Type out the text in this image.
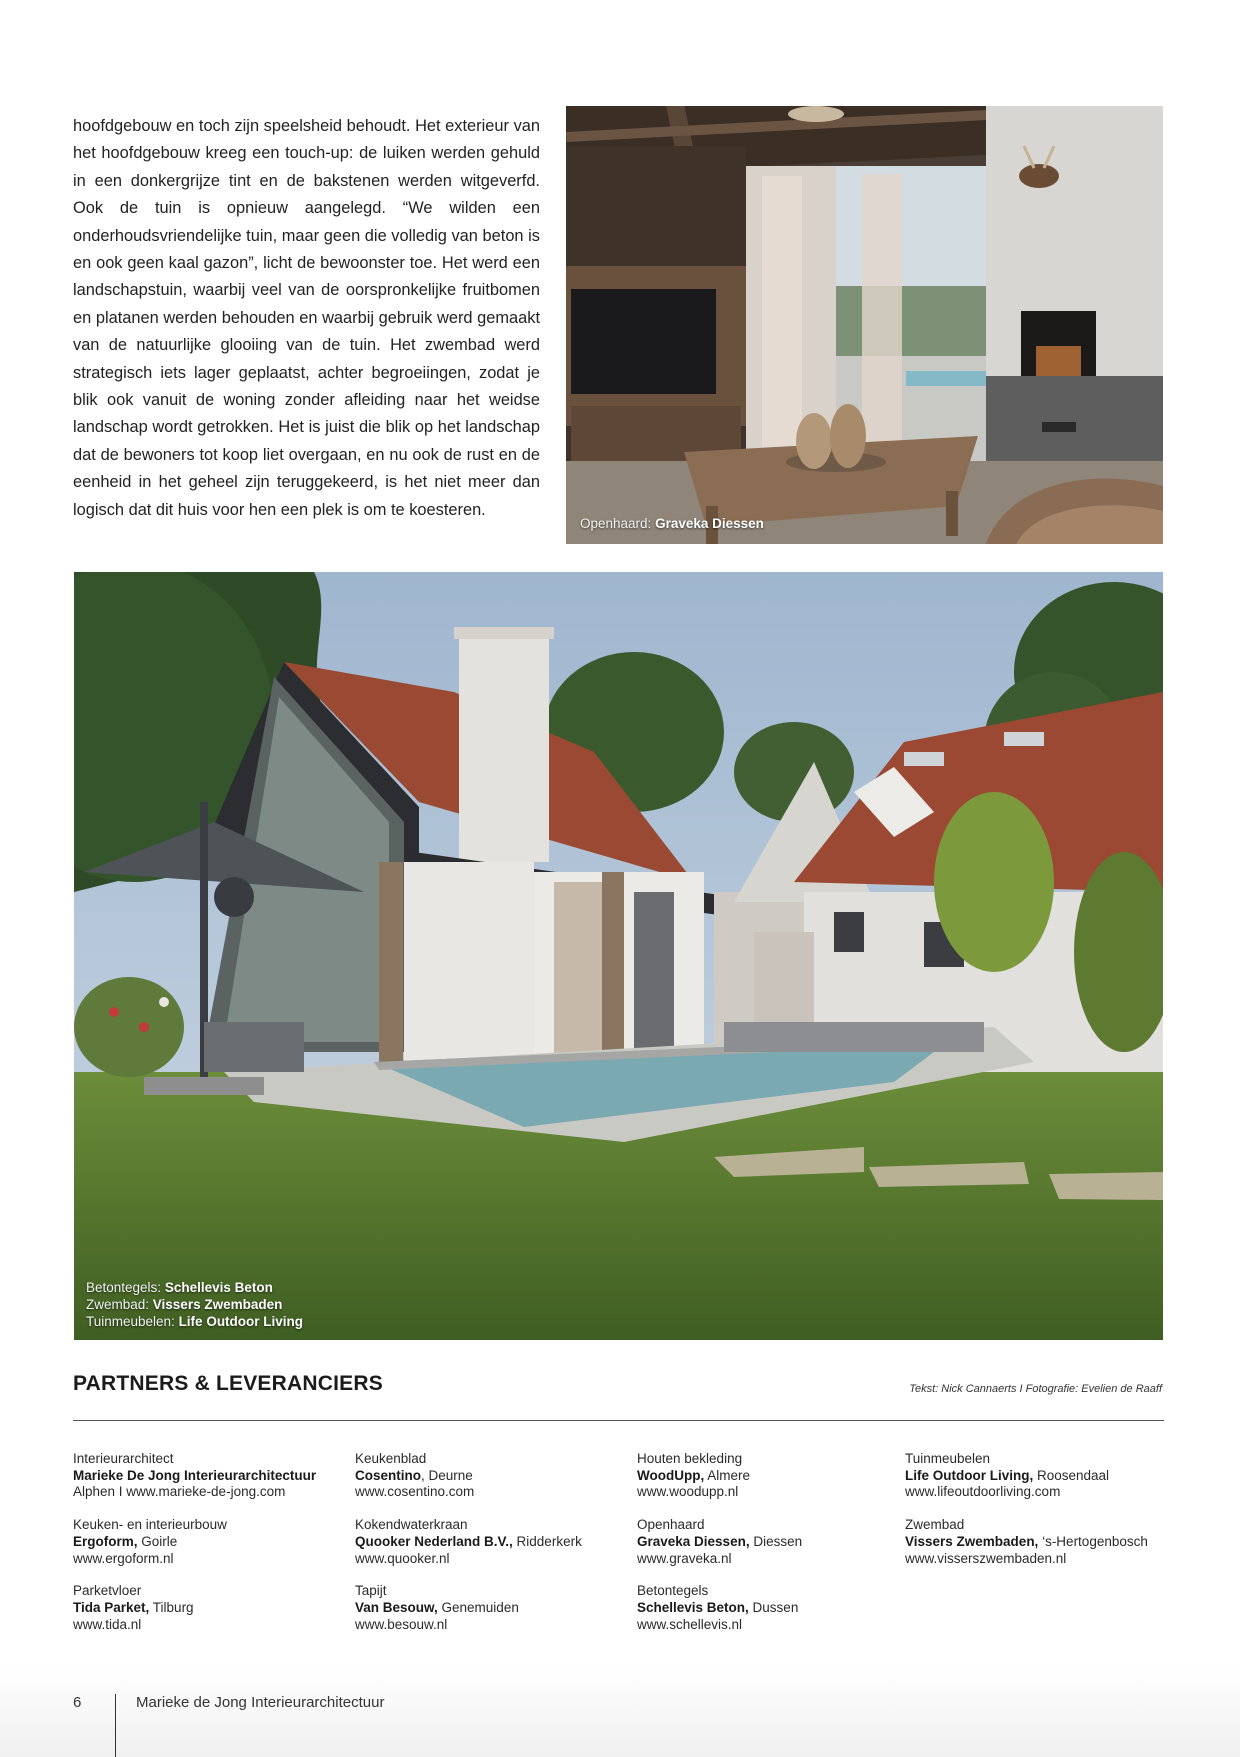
hoofdgebouw en toch zijn speelsheid behoudt. Het exterieur van het hoofdgebouw kreeg een touch-up: de luiken werden gehuld in een donkergrijze tint en de bakstenen werden witgeverfd. Ook de tuin is opnieuw aangelegd. “We wilden een onderhoudsvriendelijke tuin, maar geen die volledig van beton is en ook geen kaal gazon”, licht de bewoonster toe. Het werd een landschapstuin, waarbij veel van de oorspronkelijke fruitbomen en platanen werden behouden en waarbij gebruik werd gemaakt van de natuurlijke glooiing van de tuin. Het zwembad werd strategisch iets lager geplaatst, achter begroeiingen, zodat je blik ook vanuit de woning zonder afleiding naar het weidse landschap wordt getrokken. Het is juist die blik op het landschap dat de bewoners tot koop liet overgaan, en nu ook de rust en de eenheid in het geheel zijn teruggekeerd, is het niet meer dan logisch dat dit huis voor hen een plek is om te koesteren.

Openhaard: Graveka Diessen
Betontegels: Schellevis Beton
Zwembad: Vissers Zwembaden
Tuinmeubelen: Life Outdoor Living
PARTNERS & LEVERANCIERS	Tekst: Nick Cannaerts I Fotografie: Evelien de Raaff
Interieurarchitect
Marieke De Jong Interieurarchitectuur
Alphen I www.marieke-de-jong.com
Keuken- en interieurbouw
Ergoform, Goirle
www.ergoform.nl
Parketvloer
Tida Parket, Tilburg
www.tida.nl
Keukenblad
Cosentino, Deurne
www.cosentino.com
Kokendwaterkraan
Quooker Nederland B.V., Ridderkerk
www.quooker.nl
Tapijt
Van Besouw, Genemuiden
www.besouw.nl
Houten bekleding
WoodUpp, Almere
www.woodupp.nl
Openhaard
Graveka Diessen, Diessen
www.graveka.nl
Betontegels
Schellevis Beton, Dussen
www.schellevis.nl
Tuinmeubelen
Life Outdoor Living, Roosendaal
www.lifeoutdoorliving.com
Zwembad
Vissers Zwembaden, ‘s-Hertogenbosch
www.visserszwembaden.nl
6	Marieke de Jong Interieurarchitectuur
